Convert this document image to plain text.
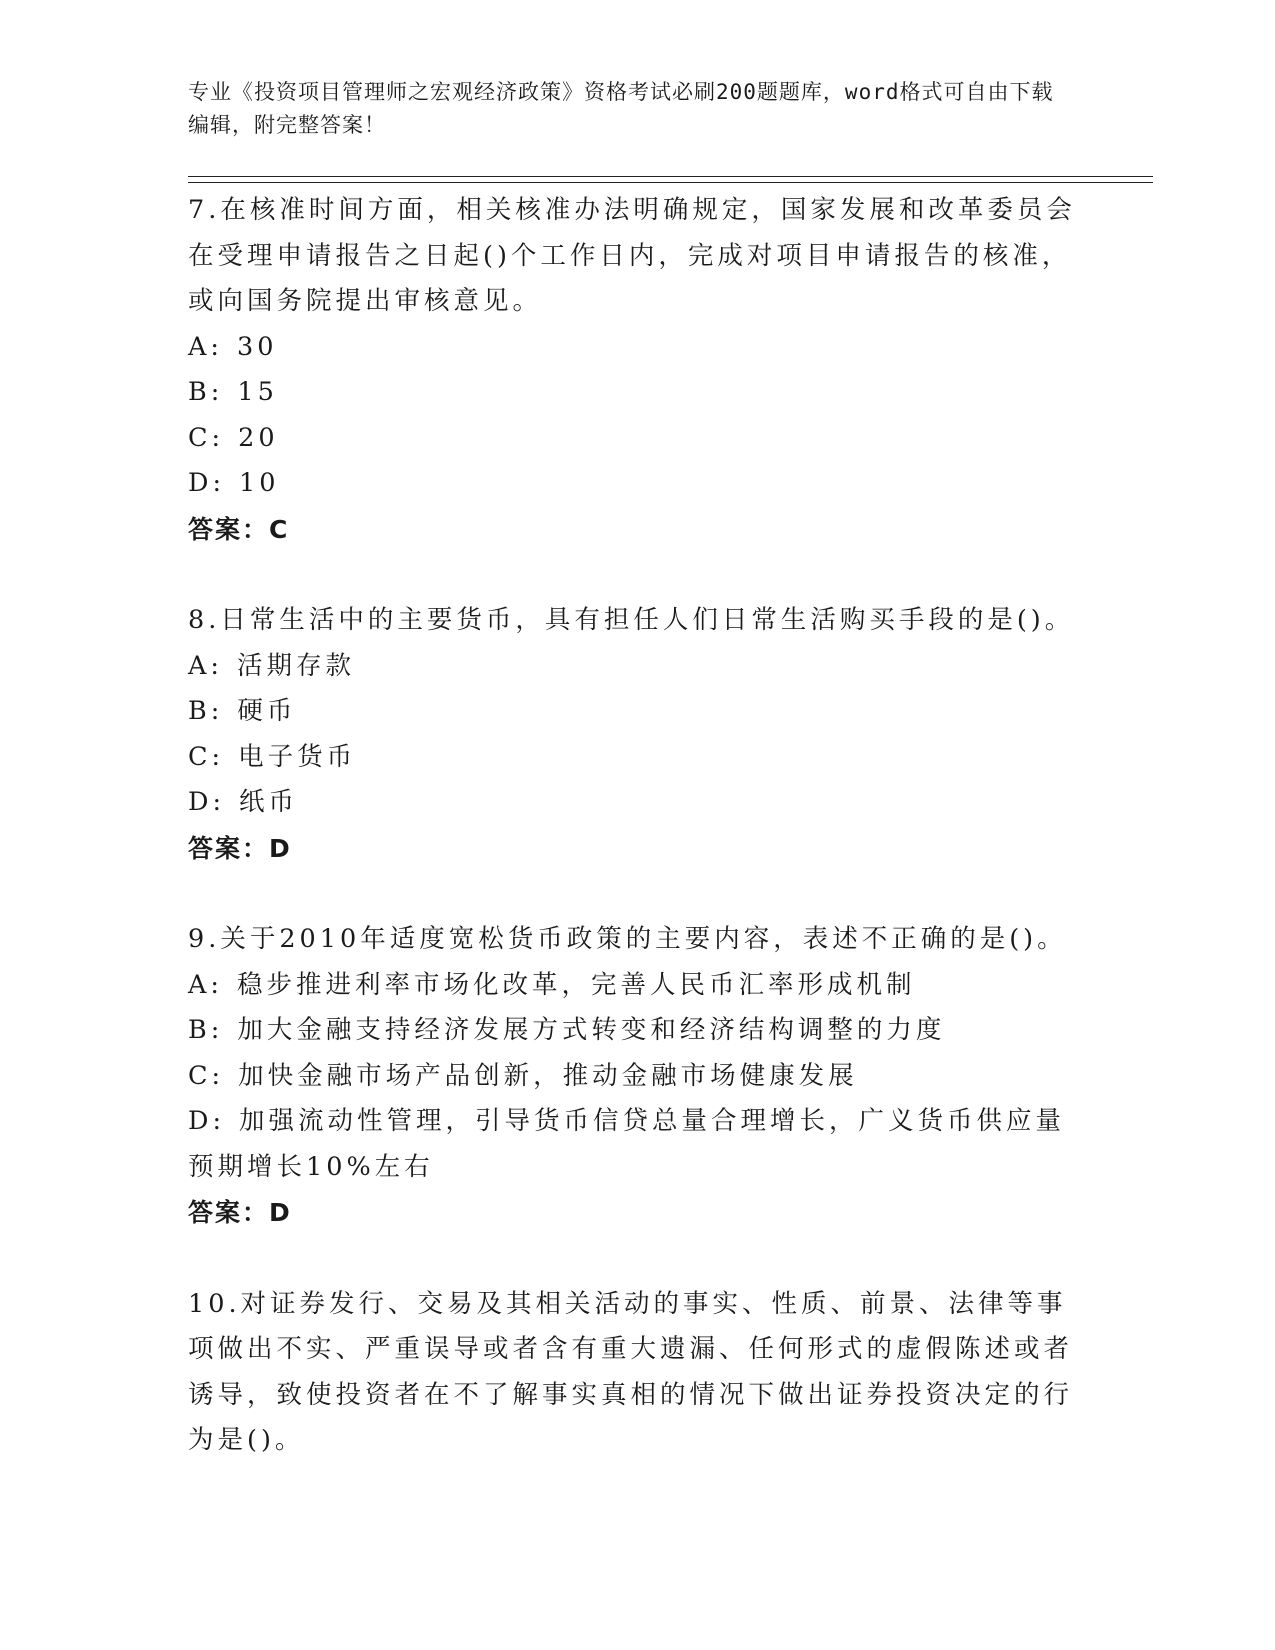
专业《投资项目管理师之宏观经济政策》资格考试必刷200题题库，word格式可自由下载编辑，附完整答案！

7.在核准时间方面，相关核准办法明确规定，国家发展和改革委员会在受理申请报告之日起()个工作日内，完成对项目申请报告的核准，或向国务院提出审核意见。

A: 30

B: 15

C: 20

D: 10

答案：C

8.日常生活中的主要货币，具有担任人们日常生活购买手段的是()。

A: 活期存款

B: 硬币

C: 电子货币

D: 纸币

答案：D

9.关于2010年适度宽松货币政策的主要内容，表述不正确的是()。

A: 稳步推进利率市场化改革，完善人民币汇率形成机制

B: 加大金融支持经济发展方式转变和经济结构调整的力度

C: 加快金融市场产品创新，推动金融市场健康发展

D: 加强流动性管理，引导货币信贷总量合理增长，广义货币供应量预期增长10%左右

答案：D

10.对证券发行、交易及其相关活动的事实、性质、前景、法律等事项做出不实、严重误导或者含有重大遗漏、任何形式的虚假陈述或者诱导，致使投资者在不了解事实真相的情况下做出证券投资决定的行为是()。
